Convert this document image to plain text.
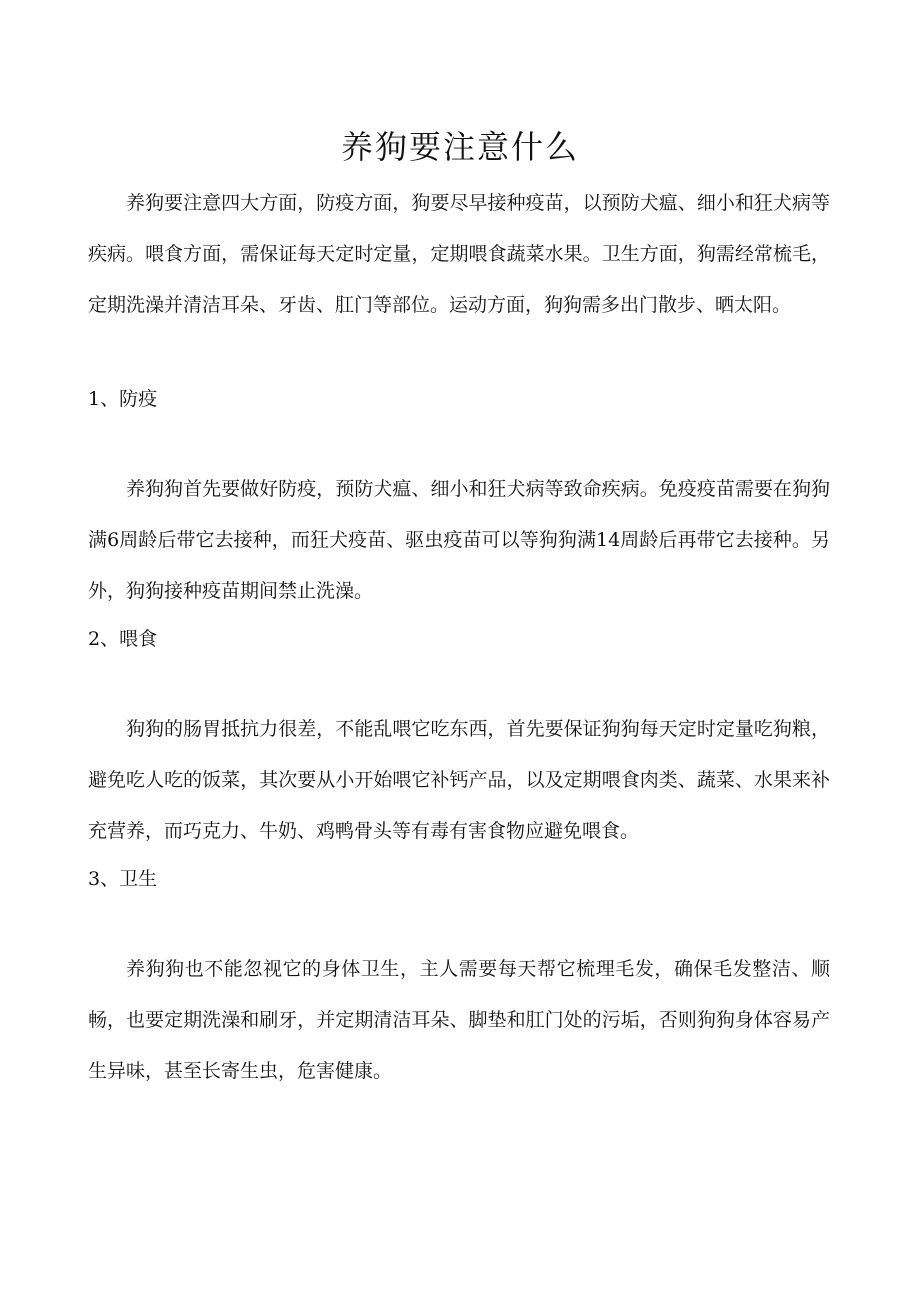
养狗要注意什么

养狗要注意四大方面，防疫方面，狗要尽早接种疫苗，以预防犬瘟、细小和狂犬病等疾病。喂食方面，需保证每天定时定量，定期喂食蔬菜水果。卫生方面，狗需经常梳毛，定期洗澡并清洁耳朵、牙齿、肛门等部位。运动方面，狗狗需多出门散步、晒太阳。

1、防疫

养狗狗首先要做好防疫，预防犬瘟、细小和狂犬病等致命疾病。免疫疫苗需要在狗狗满6周龄后带它去接种，而狂犬疫苗、驱虫疫苗可以等狗狗满14周龄后再带它去接种。另外，狗狗接种疫苗期间禁止洗澡。

2、喂食

狗狗的肠胃抵抗力很差，不能乱喂它吃东西，首先要保证狗狗每天定时定量吃狗粮，避免吃人吃的饭菜，其次要从小开始喂它补钙产品，以及定期喂食肉类、蔬菜、水果来补充营养，而巧克力、牛奶、鸡鸭骨头等有毒有害食物应避免喂食。

3、卫生

养狗狗也不能忽视它的身体卫生，主人需要每天帮它梳理毛发，确保毛发整洁、顺畅，也要定期洗澡和刷牙，并定期清洁耳朵、脚垫和肛门处的污垢，否则狗狗身体容易产生异味，甚至长寄生虫，危害健康。
